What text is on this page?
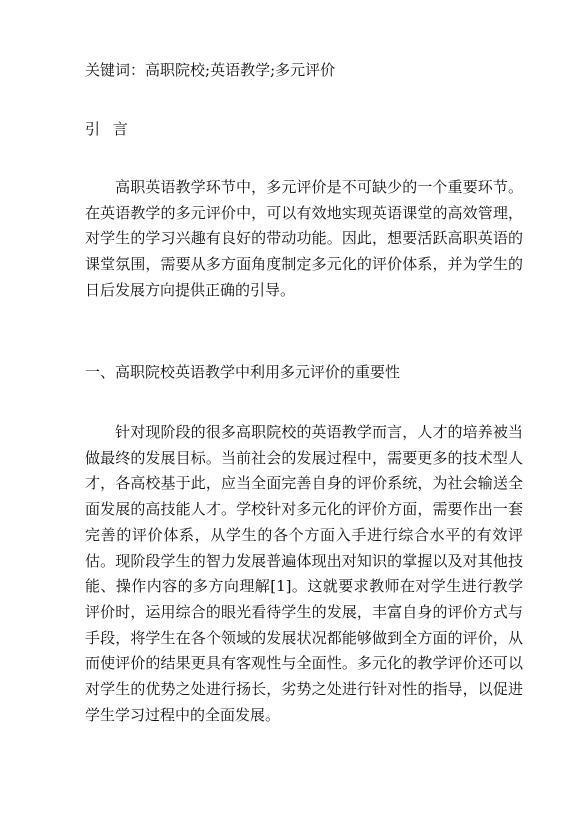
关键词：高职院校;英语教学;多元评价
引 言

高职英语教学环节中，多元评价是不可缺少的一个重要环节。在英语教学的多元评价中，可以有效地实现英语课堂的高效管理，对学生的学习兴趣有良好的带动功能。因此，想要活跃高职英语的课堂氛围，需要从多方面角度制定多元化的评价体系，并为学生的日后发展方向提供正确的引导。

一、高职院校英语教学中利用多元评价的重要性

针对现阶段的很多高职院校的英语教学而言，人才的培养被当做最终的发展目标。当前社会的发展过程中，需要更多的技术型人才，各高校基于此，应当全面完善自身的评价系统，为社会输送全面发展的高技能人才。学校针对多元化的评价方面，需要作出一套完善的评价体系，从学生的各个方面入手进行综合水平的有效评估。现阶段学生的智力发展普遍体现出对知识的掌握以及对其他技能、操作内容的多方向理解[1]。这就要求教师在对学生进行教学评价时，运用综合的眼光看待学生的发展，丰富自身的评价方式与手段，将学生在各个领域的发展状况都能够做到全方面的评价，从而使评价的结果更具有客观性与全面性。多元化的教学评价还可以对学生的优势之处进行扬长，劣势之处进行针对性的指导，以促进学生学习过程中的全面发展。
